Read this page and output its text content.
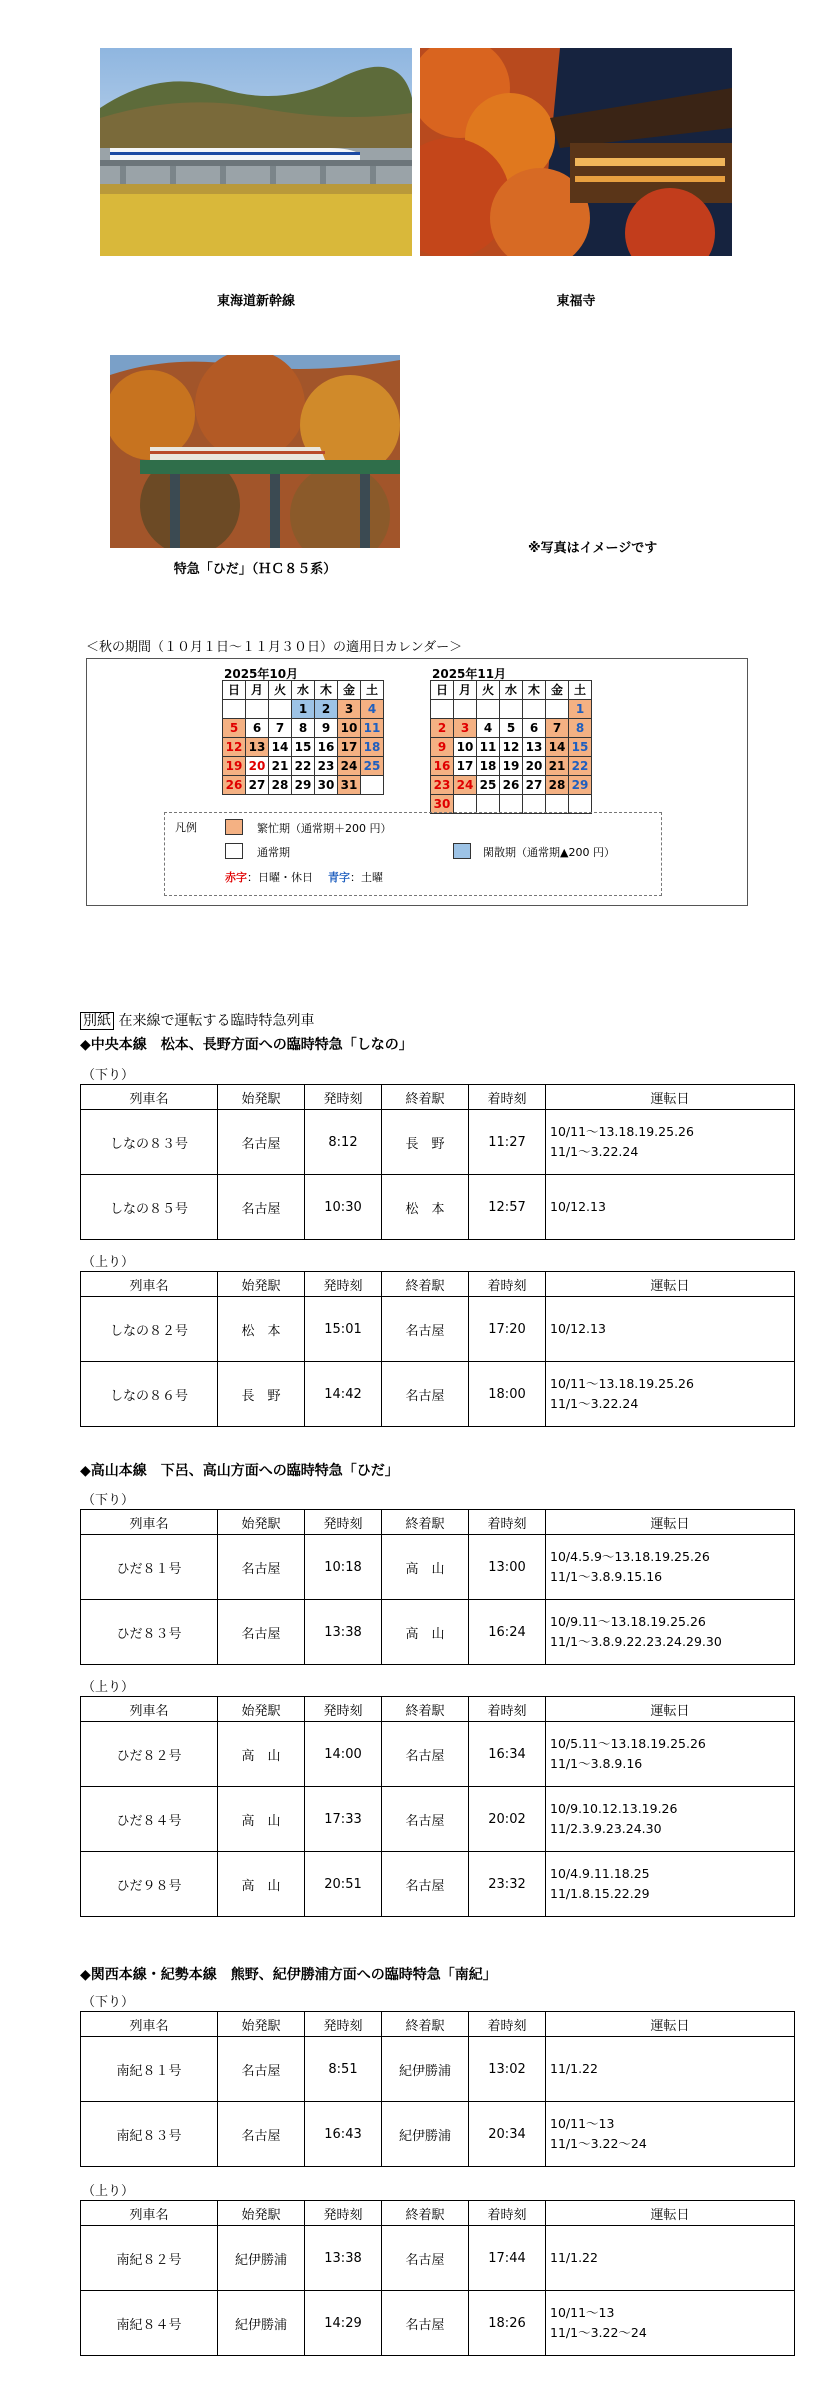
東海道新幹線	東福寺
特急「ひだ」（ＨＣ８５系）
※写真はイメージです
＜秋の期間（１０月１日～１１月３０日）の適用日カレンダー＞
2025年10月
日	月	火	水	木	金	土
			1	2	3	4
5	6	7	8	9	10	11
12	13	14	15	16	17	18
19	20	21	22	23	24	25
26	27	28	29	30	31	
2025年11月
日	月	火	水	木	金	土
						1
2	3	4	5	6	7	8
9	10	11	12	13	14	15
16	17	18	19	20	21	22
23	24	25	26	27	28	29
30						
凡例	繁忙期（通常期＋200 円）
通常期	閑散期（通常期▲200 円）
赤字：日曜・休日 青字：土曜
別紙 在来線で運転する臨時特急列車
◆中央本線　松本、長野方面への臨時特急「しなの」
（下り）
列車名	始発駅	発時刻	終着駅	着時刻	運転日
しなの８３号	名古屋	8:12	長　野	11:27	10/11～13.18.19.25.26
11/1～3.22.24

しなの８５号	名古屋	10:30	松　本	12:57	10/12.13
（上り）
列車名	始発駅	発時刻	終着駅	着時刻	運転日
しなの８２号	松　本	15:01	名古屋	17:20	10/12.13

しなの８６号	長　野	14:42	名古屋	18:00	10/11～13.18.19.25.26
11/1～3.22.24
◆高山本線　下呂、高山方面への臨時特急「ひだ」
（下り）
列車名	始発駅	発時刻	終着駅	着時刻	運転日
ひだ８１号	名古屋	10:18	高　山	13:00	10/4.5.9～13.18.19.25.26
11/1～3.8.9.15.16

ひだ８３号	名古屋	13:38	高　山	16:24	10/9.11～13.18.19.25.26
11/1～3.8.9.22.23.24.29.30
（上り）
列車名	始発駅	発時刻	終着駅	着時刻	運転日
ひだ８２号	高　山	14:00	名古屋	16:34	10/5.11～13.18.19.25.26
11/1～3.8.9.16

ひだ８４号	高　山	17:33	名古屋	20:02	10/9.10.12.13.19.26
11/2.3.9.23.24.30

ひだ９８号	高　山	20:51	名古屋	23:32	10/4.9.11.18.25
11/1.8.15.22.29
◆関西本線・紀勢本線　熊野、紀伊勝浦方面への臨時特急「南紀」
（下り）
列車名	始発駅	発時刻	終着駅	着時刻	運転日
南紀８１号	名古屋	8:51	紀伊勝浦	13:02	11/1.22

南紀８３号	名古屋	16:43	紀伊勝浦	20:34	10/11～13
11/1～3.22～24
（上り）
列車名	始発駅	発時刻	終着駅	着時刻	運転日
南紀８２号	紀伊勝浦	13:38	名古屋	17:44	11/1.22

南紀８４号	紀伊勝浦	14:29	名古屋	18:26	10/11～13
11/1～3.22～24
